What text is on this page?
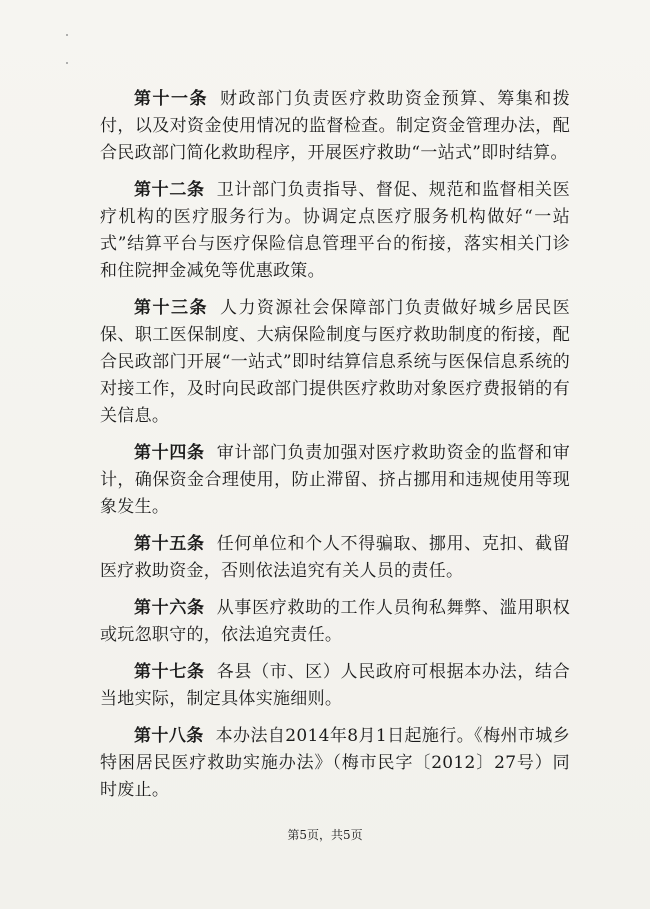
第十一条 财政部门负责医疗救助资金预算、筹集和拨付，以及对资金使用情况的监督检查。制定资金管理办法，配合民政部门简化救助程序，开展医疗救助“一站式”即时结算。

第十二条 卫计部门负责指导、督促、规范和监督相关医疗机构的医疗服务行为。协调定点医疗服务机构做好“一站式”结算平台与医疗保险信息管理平台的衔接，落实相关门诊和住院押金减免等优惠政策。

第十三条 人力资源社会保障部门负责做好城乡居民医保、职工医保制度、大病保险制度与医疗救助制度的衔接，配合民政部门开展“一站式”即时结算信息系统与医保信息系统的对接工作，及时向民政部门提供医疗救助对象医疗费报销的有关信息。

第十四条 审计部门负责加强对医疗救助资金的监督和审计，确保资金合理使用，防止滞留、挤占挪用和违规使用等现象发生。

第十五条 任何单位和个人不得骗取、挪用、克扣、截留医疗救助资金，否则依法追究有关人员的责任。

第十六条 从事医疗救助的工作人员徇私舞弊、滥用职权或玩忽职守的，依法追究责任。

第十七条 各县（市、区）人民政府可根据本办法，结合当地实际，制定具体实施细则。

第十八条 本办法自2014年8月1日起施行。《梅州市城乡特困居民医疗救助实施办法》（梅市民字〔2012〕27号）同时废止。

第5页，共5页
